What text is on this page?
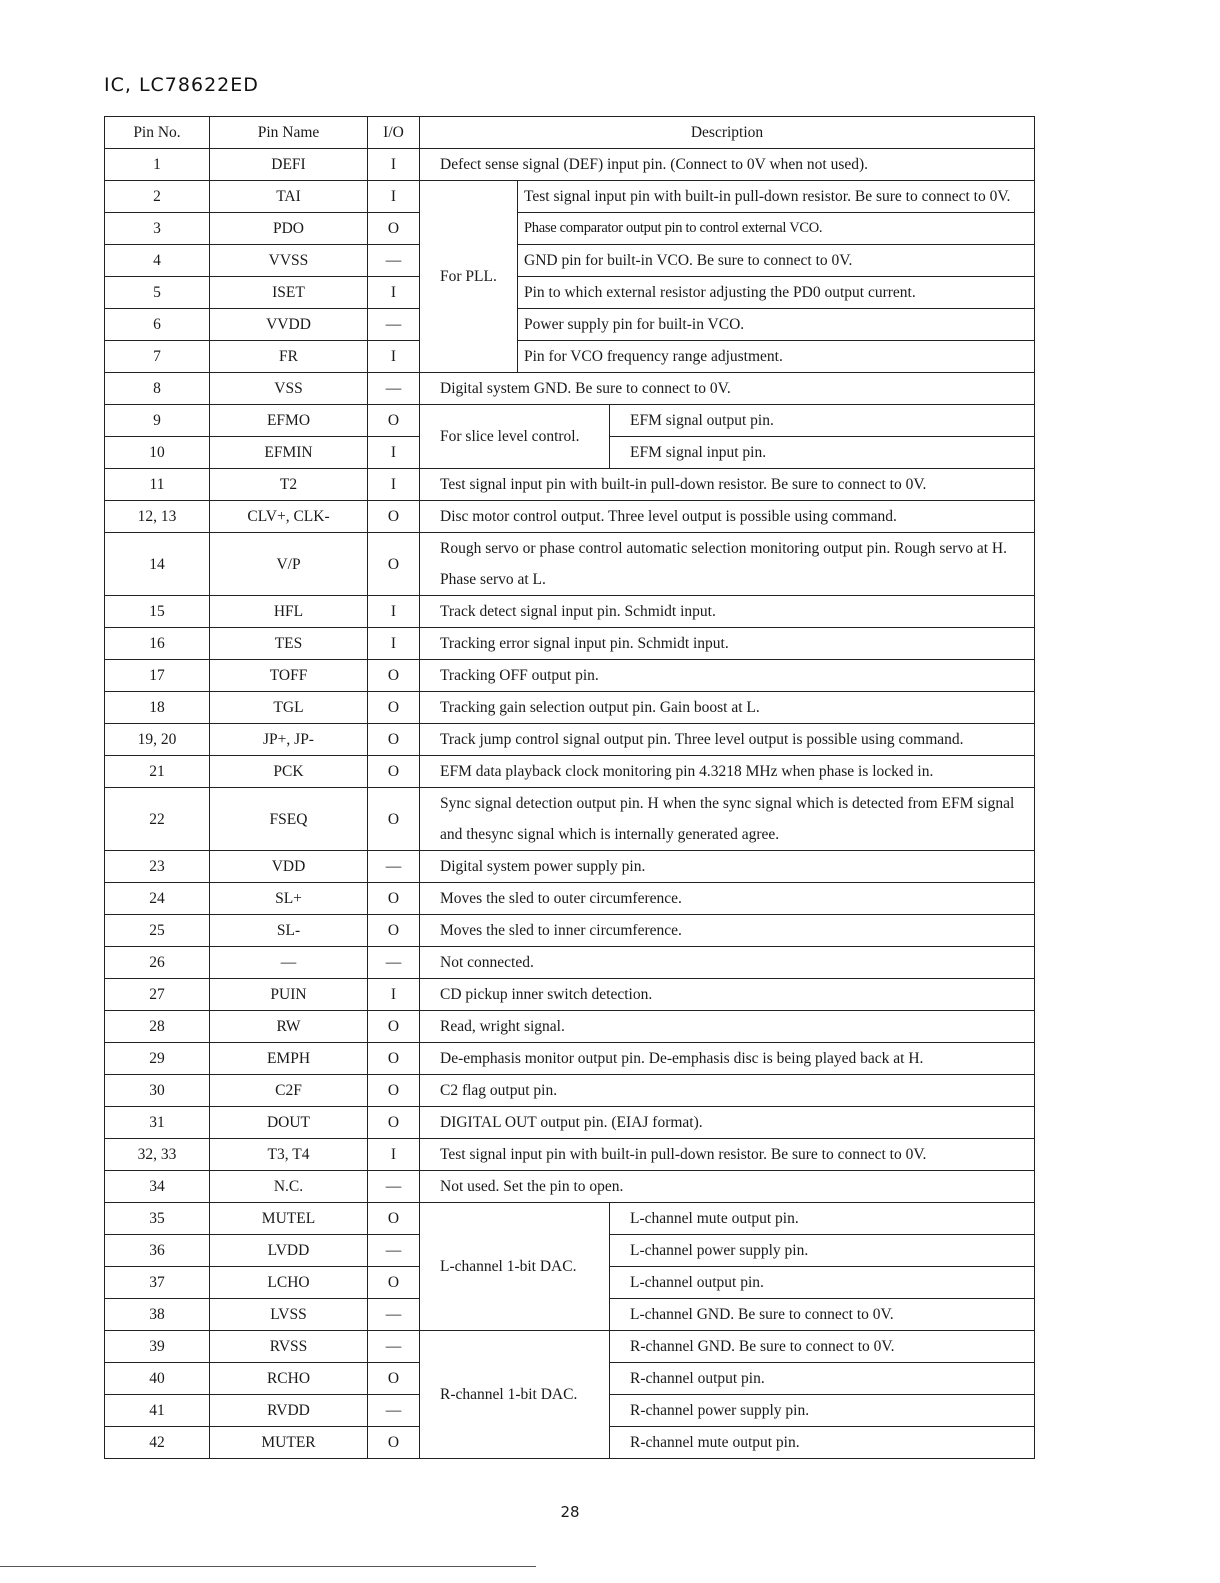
IC, LC78622ED
Pin No.	Pin Name	I/O	Description		
1	DEFI	I	Defect sense signal (DEF) input pin. (Connect to 0V when not used).		
2	TAI	I	For PLL.	Test signal input pin with built-in pull-down resistor. Be sure to connect to 0V.	
3	PDO	O		Phase comparator output pin to control external VCO.	
4	VVSS	—		GND pin for built-in VCO. Be sure to connect to 0V.	
5	ISET	I		Pin to which external resistor adjusting the PD0 output current.	
6	VVDD	—		Power supply pin for built-in VCO.	
7	FR	I		Pin for VCO frequency range adjustment.	
8	VSS	—	Digital system GND. Be sure to connect to 0V.		
9	EFMO	O	For slice level control.		EFM signal output pin.
10	EFMIN	I			EFM signal input pin.
11	T2	I	Test signal input pin with built-in pull-down resistor. Be sure to connect to 0V.		
12, 13	CLV+, CLK-	O	Disc motor control output. Three level output is possible using command.		
14	V/P	O	Rough servo or phase control automatic selection monitoring output pin. Rough servo at H. Phase servo at L.		
15	HFL	I	Track detect signal input pin. Schmidt input.		
16	TES	I	Tracking error signal input pin. Schmidt input.		
17	TOFF	O	Tracking OFF output pin.		
18	TGL	O	Tracking gain selection output pin. Gain boost at L.		
19, 20	JP+, JP-	O	Track jump control signal output pin. Three level output is possible using command.		
21	PCK	O	EFM data playback clock monitoring pin 4.3218 MHz when phase is locked in.		
22	FSEQ	O	Sync signal detection output pin. H when the sync signal which is detected from EFM signal and thesync signal which is internally generated agree.		
23	VDD	—	Digital system power supply pin.		
24	SL+	O	Moves the sled to outer circumference.		
25	SL-	O	Moves the sled to inner circumference.		
26	—	—	Not connected.		
27	PUIN	I	CD pickup inner switch detection.		
28	RW	O	Read, wright signal.		
29	EMPH	O	De-emphasis monitor output pin. De-emphasis disc is being played back at H.		
30	C2F	O	C2 flag output pin.		
31	DOUT	O	DIGITAL OUT output pin. (EIAJ format).		
32, 33	T3, T4	I	Test signal input pin with built-in pull-down resistor. Be sure to connect to 0V.		
34	N.C.	—	Not used. Set the pin to open.		
35	MUTEL	O	L-channel 1-bit DAC.		L-channel mute output pin.
36	LVDD	—			L-channel power supply pin.
37	LCHO	O			L-channel output pin.
38	LVSS	—			L-channel GND. Be sure to connect to 0V.
39	RVSS	—	R-channel 1-bit DAC.		R-channel GND. Be sure to connect to 0V.
40	RCHO	O			R-channel output pin.
41	RVDD	—			R-channel power supply pin.
42	MUTER	O			R-channel mute output pin.
28
